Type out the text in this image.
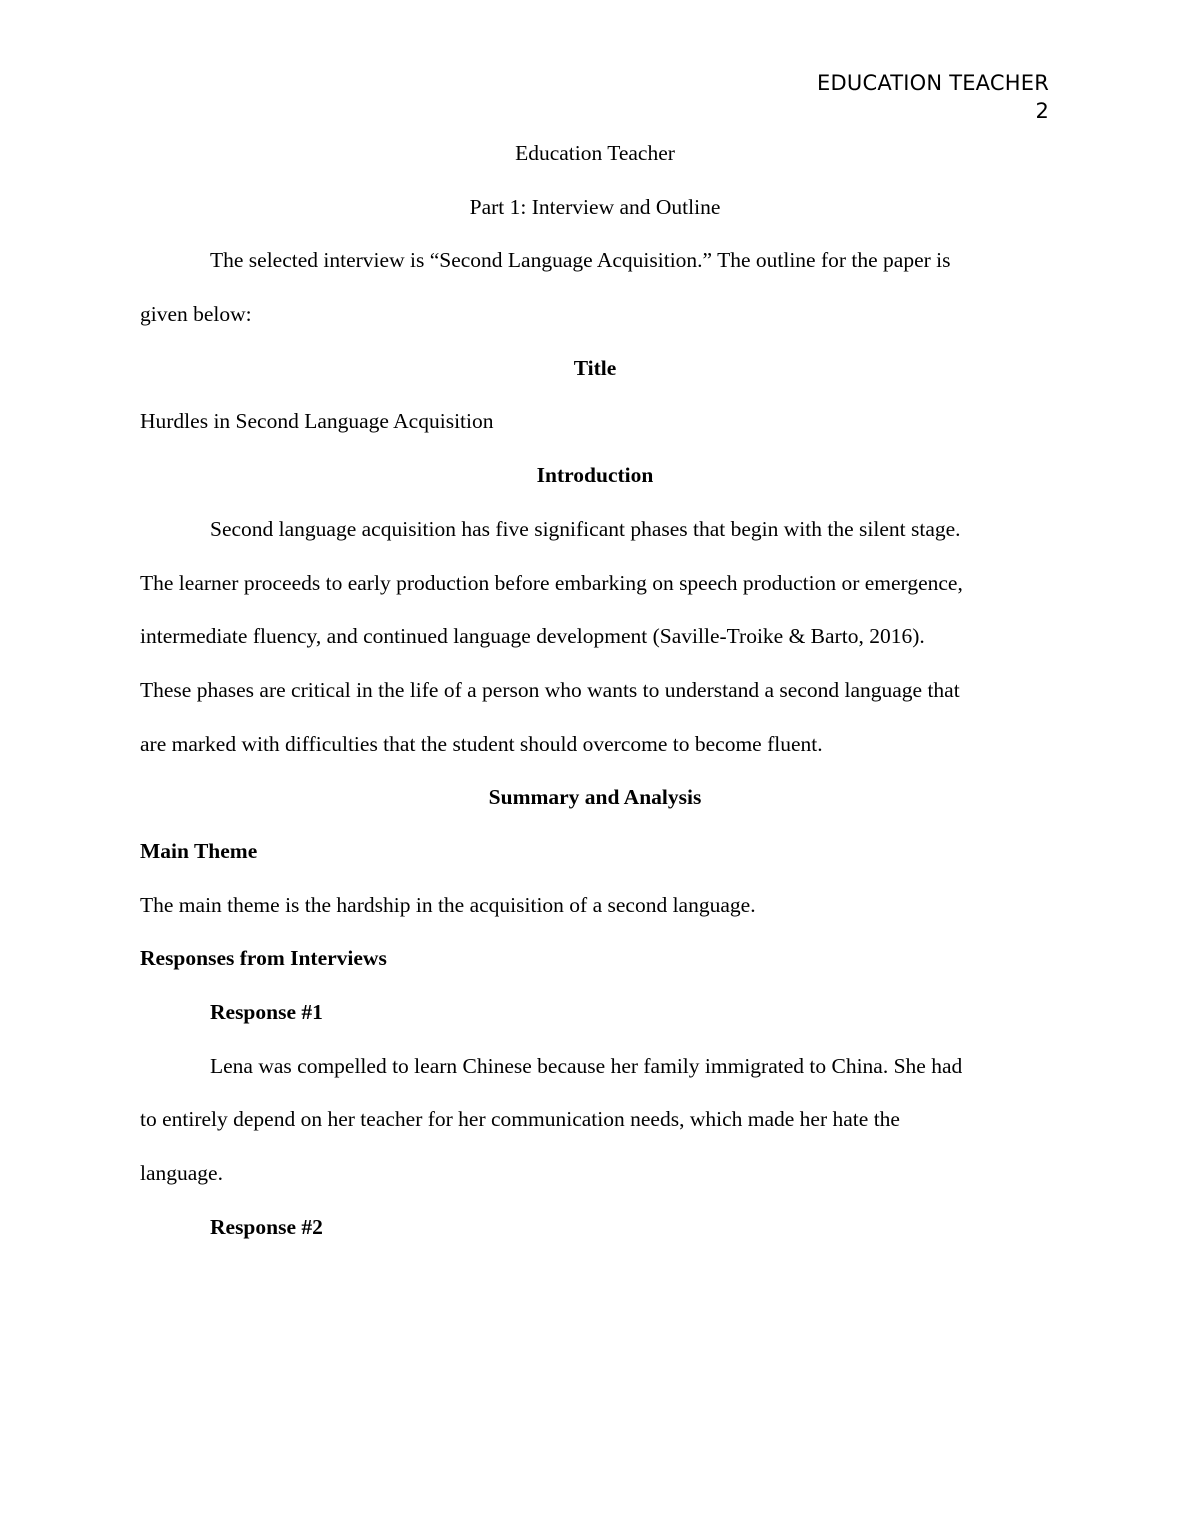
EDUCATION TEACHER
2

Education Teacher

Part 1: Interview and Outline

The selected interview is “Second Language Acquisition.” The outline for the paper is

given below:

Title

Hurdles in Second Language Acquisition

Introduction

Second language acquisition has five significant phases that begin with the silent stage.

The learner proceeds to early production before embarking on speech production or emergence,

intermediate fluency, and continued language development (Saville-Troike & Barto, 2016).

These phases are critical in the life of a person who wants to understand a second language that

are marked with difficulties that the student should overcome to become fluent.

Summary and Analysis

Main Theme

The main theme is the hardship in the acquisition of a second language.

Responses from Interviews

Response #1

Lena was compelled to learn Chinese because her family immigrated to China. She had

to entirely depend on her teacher for her communication needs, which made her hate the

language.

Response #2
